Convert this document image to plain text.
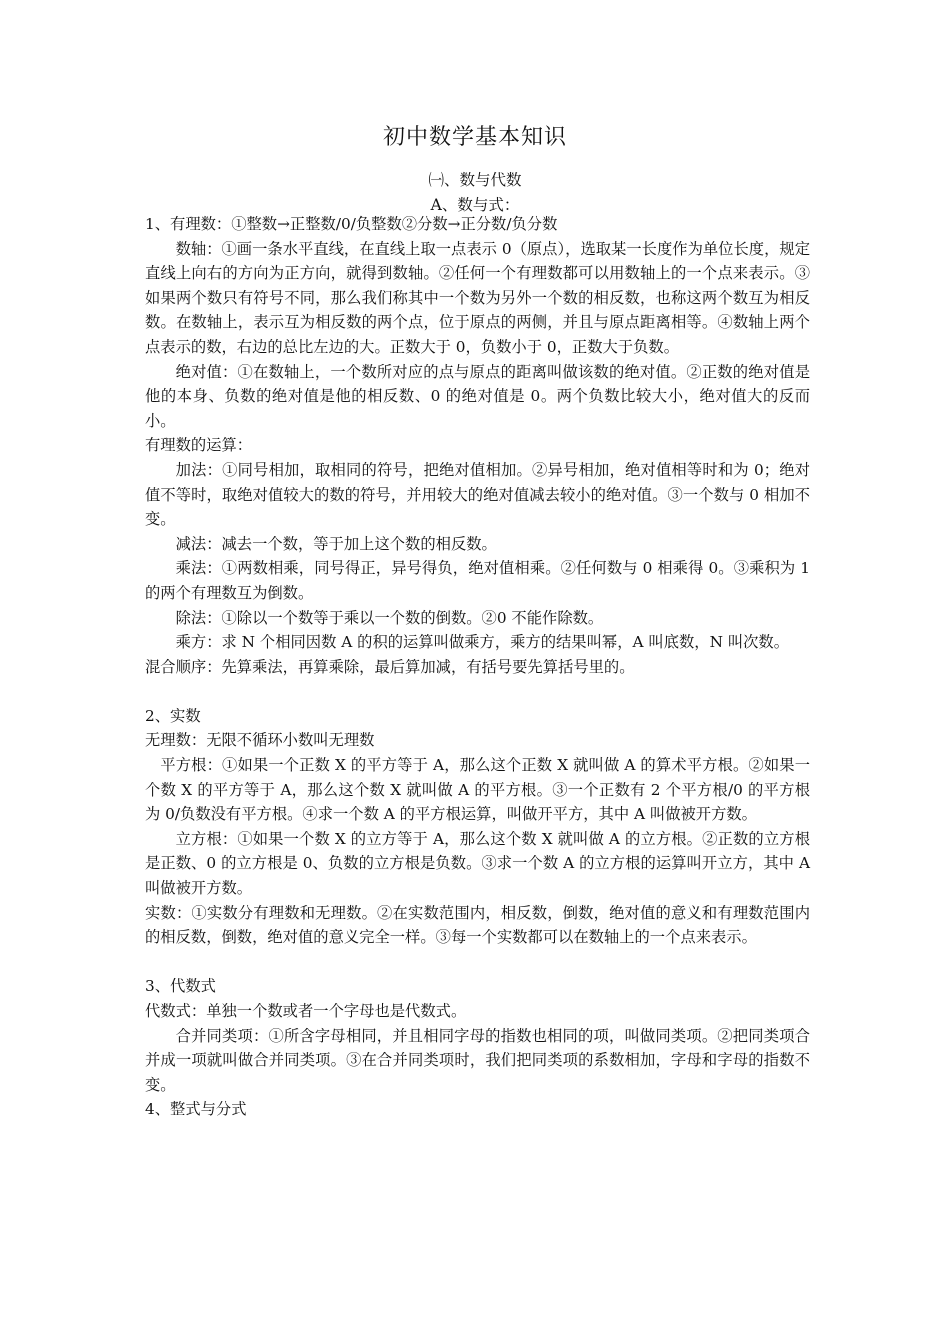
初中数学基本知识
㈠、数与代数
A、数与式：

1、有理数：①整数→正整数/0/负整数②分数→正分数/负分数

数轴：①画一条水平直线，在直线上取一点表示 0（原点），选取某一长度作为单位长度，规定直线上向右的方向为正方向，就得到数轴。②任何一个有理数都可以用数轴上的一个点来表示。③如果两个数只有符号不同，那么我们称其中一个数为另外一个数的相反数，也称这两个数互为相反数。在数轴上，表示互为相反数的两个点，位于原点的两侧，并且与原点距离相等。④数轴上两个点表示的数，右边的总比左边的大。正数大于 0，负数小于 0，正数大于负数。

绝对值：①在数轴上，一个数所对应的点与原点的距离叫做该数的绝对值。②正数的绝对值是他的本身、负数的绝对值是他的相反数、0 的绝对值是 0。两个负数比较大小，绝对值大的反而小。

有理数的运算：

加法：①同号相加，取相同的符号，把绝对值相加。②异号相加，绝对值相等时和为 0；绝对值不等时，取绝对值较大的数的符号，并用较大的绝对值减去较小的绝对值。③一个数与 0 相加不变。

减法：减去一个数，等于加上这个数的相反数。

乘法：①两数相乘，同号得正，异号得负，绝对值相乘。②任何数与 0 相乘得 0。③乘积为 1 的两个有理数互为倒数。

除法：①除以一个数等于乘以一个数的倒数。②0 不能作除数。

乘方：求 N 个相同因数 A 的积的运算叫做乘方，乘方的结果叫幂，A 叫底数，N 叫次数。

混合顺序：先算乘法，再算乘除，最后算加减，有括号要先算括号里的。

2、实数

无理数：无限不循环小数叫无理数

平方根：①如果一个正数 X 的平方等于 A，那么这个正数 X 就叫做 A 的算术平方根。②如果一个数 X 的平方等于 A，那么这个数 X 就叫做 A 的平方根。③一个正数有 2 个平方根/0 的平方根为 0/负数没有平方根。④求一个数 A 的平方根运算，叫做开平方，其中 A 叫做被开方数。

立方根：①如果一个数 X 的立方等于 A，那么这个数 X 就叫做 A 的立方根。②正数的立方根是正数、0 的立方根是 0、负数的立方根是负数。③求一个数 A 的立方根的运算叫开立方，其中 A 叫做被开方数。

实数：①实数分有理数和无理数。②在实数范围内，相反数，倒数，绝对值的意义和有理数范围内的相反数，倒数，绝对值的意义完全一样。③每一个实数都可以在数轴上的一个点来表示。

3、代数式

代数式：单独一个数或者一个字母也是代数式。

合并同类项：①所含字母相同，并且相同字母的指数也相同的项，叫做同类项。②把同类项合并成一项就叫做合并同类项。③在合并同类项时，我们把同类项的系数相加，字母和字母的指数不变。

4、整式与分式
